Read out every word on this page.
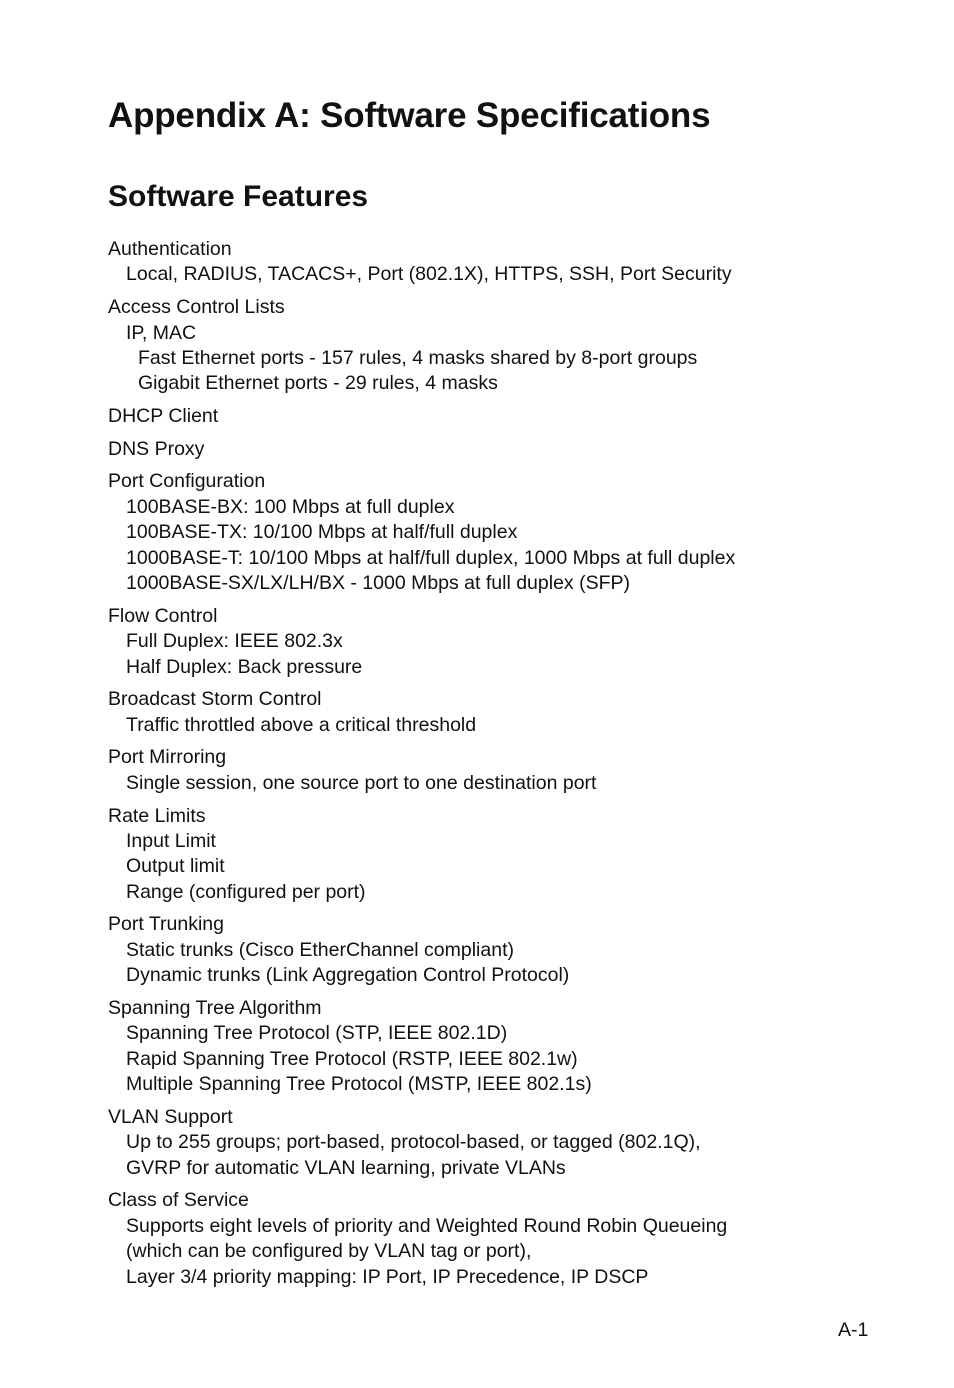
Appendix A: Software Specifications
Software Features
Authentication
Local, RADIUS, TACACS+, Port (802.1X), HTTPS, SSH, Port Security
Access Control Lists
IP, MAC
Fast Ethernet ports - 157 rules, 4 masks shared by 8-port groups
Gigabit Ethernet ports - 29 rules, 4 masks
DHCP Client
DNS Proxy
Port Configuration
100BASE-BX: 100 Mbps at full duplex
100BASE-TX: 10/100 Mbps at half/full duplex
1000BASE-T: 10/100 Mbps at half/full duplex, 1000 Mbps at full duplex
1000BASE-SX/LX/LH/BX - 1000 Mbps at full duplex (SFP)
Flow Control
Full Duplex: IEEE 802.3x
Half Duplex: Back pressure
Broadcast Storm Control
Traffic throttled above a critical threshold
Port Mirroring
Single session, one source port to one destination port
Rate Limits
Input Limit
Output limit
Range (configured per port)
Port Trunking
Static trunks (Cisco EtherChannel compliant)
Dynamic trunks (Link Aggregation Control Protocol)
Spanning Tree Algorithm
Spanning Tree Protocol (STP, IEEE 802.1D)
Rapid Spanning Tree Protocol (RSTP, IEEE 802.1w)
Multiple Spanning Tree Protocol (MSTP, IEEE 802.1s)
VLAN Support
Up to 255 groups; port-based, protocol-based, or tagged (802.1Q),
GVRP for automatic VLAN learning, private VLANs
Class of Service
Supports eight levels of priority and Weighted Round Robin Queueing
(which can be configured by VLAN tag or port),
Layer 3/4 priority mapping: IP Port, IP Precedence, IP DSCP
A-1
